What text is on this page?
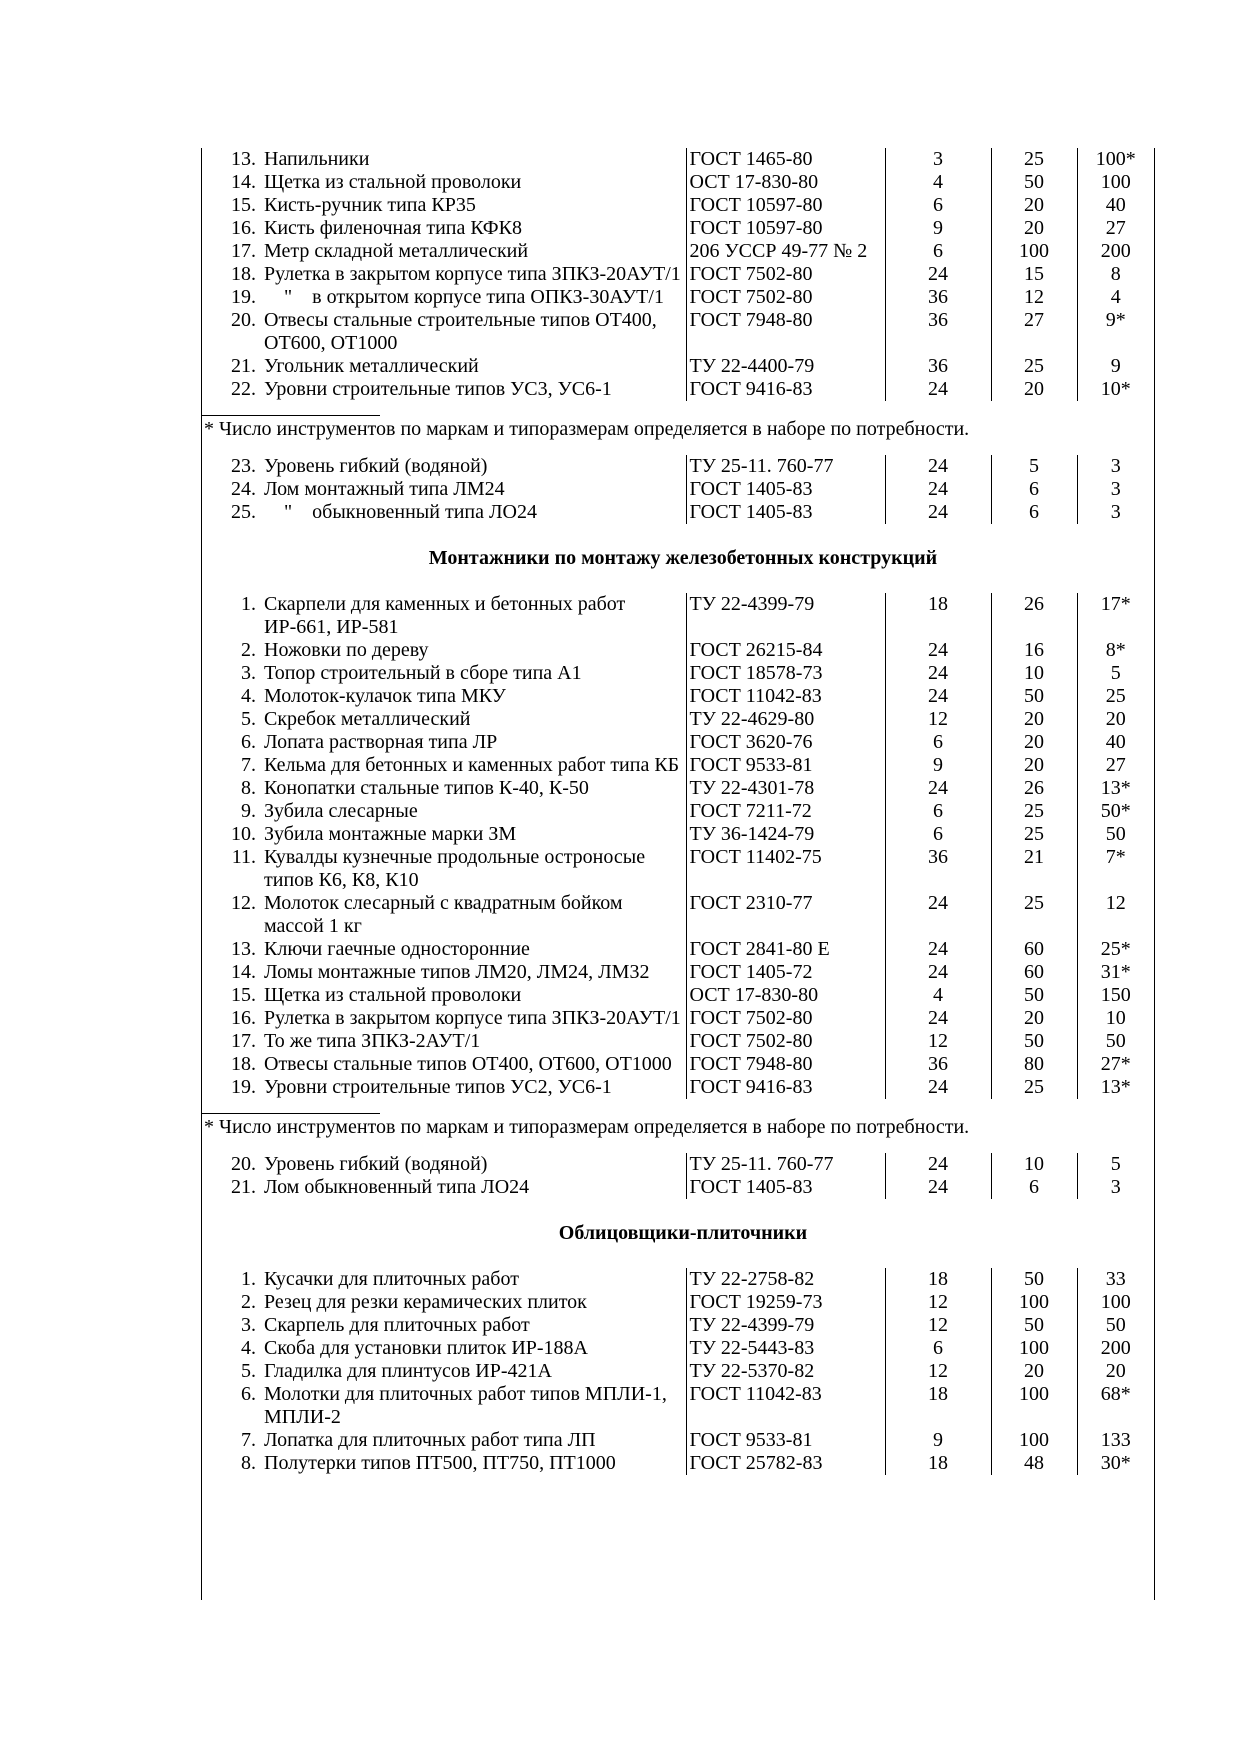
13.	Напильники	ГОСТ 1465-80	3	25	100*
14.	Щетка из стальной проволоки	ОСТ 17-830-80	4	50	100
15.	Кисть-ручник типа КР35	ГОСТ 10597-80	6	20	40
16.	Кисть филеночная типа КФК8	ГОСТ 10597-80	9	20	27
17.	Метр складной металлический	206 УССР 49-77 № 2	6	100	200
18.	Рулетка в закрытом корпусе типа ЗПКЗ-20АУТ/1	ГОСТ 7502-80	24	15	8
19.	"    в открытом корпусе типа ОПКЗ-30АУТ/1	ГОСТ 7502-80	36	12	4
20.	Отвесы стальные строительные типов ОТ400, ОТ600, ОТ1000	ГОСТ 7948-80	36	27	9*
21.	Угольник металлический	ТУ 22-4400-79	36	25	9
22.	Уровни строительные типов УС3, УС6-1	ГОСТ 9416-83	24	20	10*
* Число инструментов по маркам и типоразмерам определяется в наборе по потребности.
23.	Уровень гибкий (водяной)	ТУ 25-11. 760-77	24	5	3
24.	Лом монтажный типа ЛМ24	ГОСТ 1405-83	24	6	3
25.	"    обыкновенный типа ЛО24	ГОСТ 1405-83	24	6	3
Монтажники по монтажу железобетонных конструкций
1.	Скарпели для каменных и бетонных работ ИР-661, ИР-581	ТУ 22-4399-79	18	26	17*
2.	Ножовки по дереву	ГОСТ 26215-84	24	16	8*
3.	Топор строительный в сборе типа А1	ГОСТ 18578-73	24	10	5
4.	Молоток-кулачок типа МКУ	ГОСТ 11042-83	24	50	25
5.	Скребок металлический	ТУ 22-4629-80	12	20	20
6.	Лопата растворная типа ЛР	ГОСТ 3620-76	6	20	40
7.	Кельма для бетонных и каменных работ типа КБ	ГОСТ 9533-81	9	20	27
8.	Конопатки стальные типов К-40, К-50	ТУ 22-4301-78	24	26	13*
9.	Зубила слесарные	ГОСТ 7211-72	6	25	50*
10.	Зубила монтажные марки ЗМ	ТУ 36-1424-79	6	25	50
11.	Кувалды кузнечные продольные остроносые типов К6, К8, К10	ГОСТ 11402-75	36	21	7*
12.	Молоток слесарный с квадратным бойком массой 1 кг	ГОСТ 2310-77	24	25	12
13.	Ключи гаечные односторонние	ГОСТ 2841-80 Е	24	60	25*
14.	Ломы монтажные типов ЛМ20, ЛМ24, ЛМ32	ГОСТ 1405-72	24	60	31*
15.	Щетка из стальной проволоки	ОСТ 17-830-80	4	50	150
16.	Рулетка в закрытом корпусе типа ЗПКЗ-20АУТ/1	ГОСТ 7502-80	24	20	10
17.	То же типа ЗПКЗ-2АУТ/1	ГОСТ 7502-80	12	50	50
18.	Отвесы стальные типов ОТ400, ОТ600, ОТ1000	ГОСТ 7948-80	36	80	27*
19.	Уровни строительные типов УС2, УС6-1	ГОСТ 9416-83	24	25	13*
* Число инструментов по маркам и типоразмерам определяется в наборе по потребности.
20.	Уровень гибкий (водяной)	ТУ 25-11. 760-77	24	10	5
21.	Лом обыкновенный типа ЛО24	ГОСТ 1405-83	24	6	3
Облицовщики-плиточники
1.	Кусачки для плиточных работ	ТУ 22-2758-82	18	50	33
2.	Резец для резки керамических плиток	ГОСТ 19259-73	12	100	100
3.	Скарпель для плиточных работ	ТУ 22-4399-79	12	50	50
4.	Скоба для установки плиток ИР-188А	ТУ 22-5443-83	6	100	200
5.	Гладилка для плинтусов ИР-421А	ТУ 22-5370-82	12	20	20
6.	Молотки для плиточных работ типов МПЛИ-1, МПЛИ-2	ГОСТ 11042-83	18	100	68*
7.	Лопатка для плиточных работ типа ЛП	ГОСТ 9533-81	9	100	133
8.	Полутерки типов ПТ500, ПТ750, ПТ1000	ГОСТ 25782-83	18	48	30*
